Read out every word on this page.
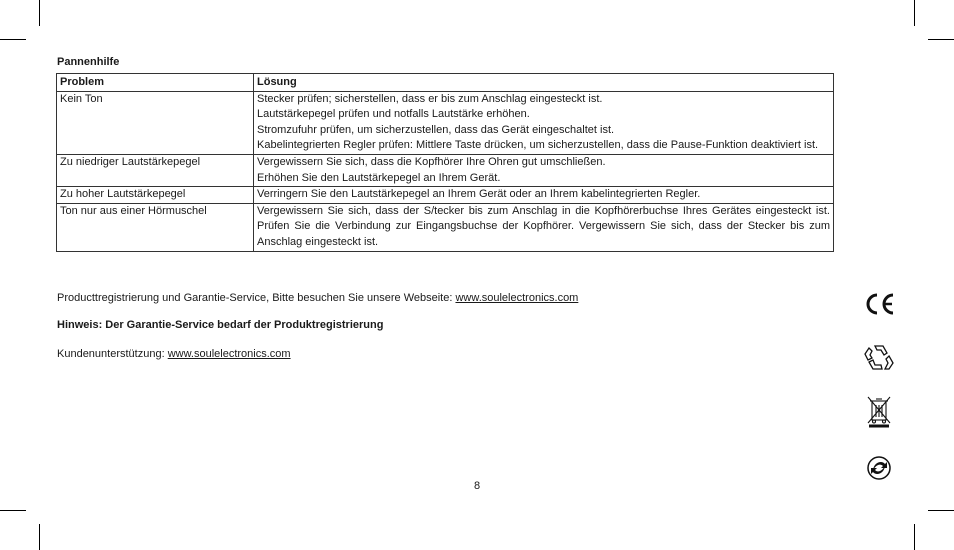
Pannenhilfe
Problem	Lösung
Kein Ton	Stecker prüfen; sicherstellen, dass er bis zum Anschlag eingesteckt ist.
Lautstärkepegel prüfen und notfalls Lautstärke erhöhen.
Stromzufuhr prüfen, um sicherzustellen, dass das Gerät eingeschaltet ist.
Kabelintegrierten Regler prüfen: Mittlere Taste drücken, um sicherzustellen, dass die Pause-Funktion deaktiviert ist.

Zu niedriger Lautstärkepegel	Vergewissern Sie sich, dass die Kopfhörer Ihre Ohren gut umschließen.
Erhöhen Sie den Lautstärkepegel an Ihrem Gerät.

Zu hoher Lautstärkepegel	Verringern Sie den Lautstärkepegel an Ihrem Gerät oder an Ihrem kabelintegrierten Regler.

Ton nur aus einer Hörmuschel	Vergewissern Sie sich, dass der S/tecker bis zum Anschlag in die Kopfhörerbuchse Ihres Gerätes eingesteckt ist. Prüfen Sie die Verbindung zur Eingangsbuchse der Kopfhörer. Vergewissern Sie sich, dass der Stecker bis zum Anschlag eingesteckt ist.
Producttregistrierung und Garantie-Service, Bitte besuchen Sie unsere Webseite: www.soulelectronics.com
Hinweis: Der Garantie-Service bedarf der Produktregistrierung
Kundenunterstützung: www.soulelectronics.com
8
